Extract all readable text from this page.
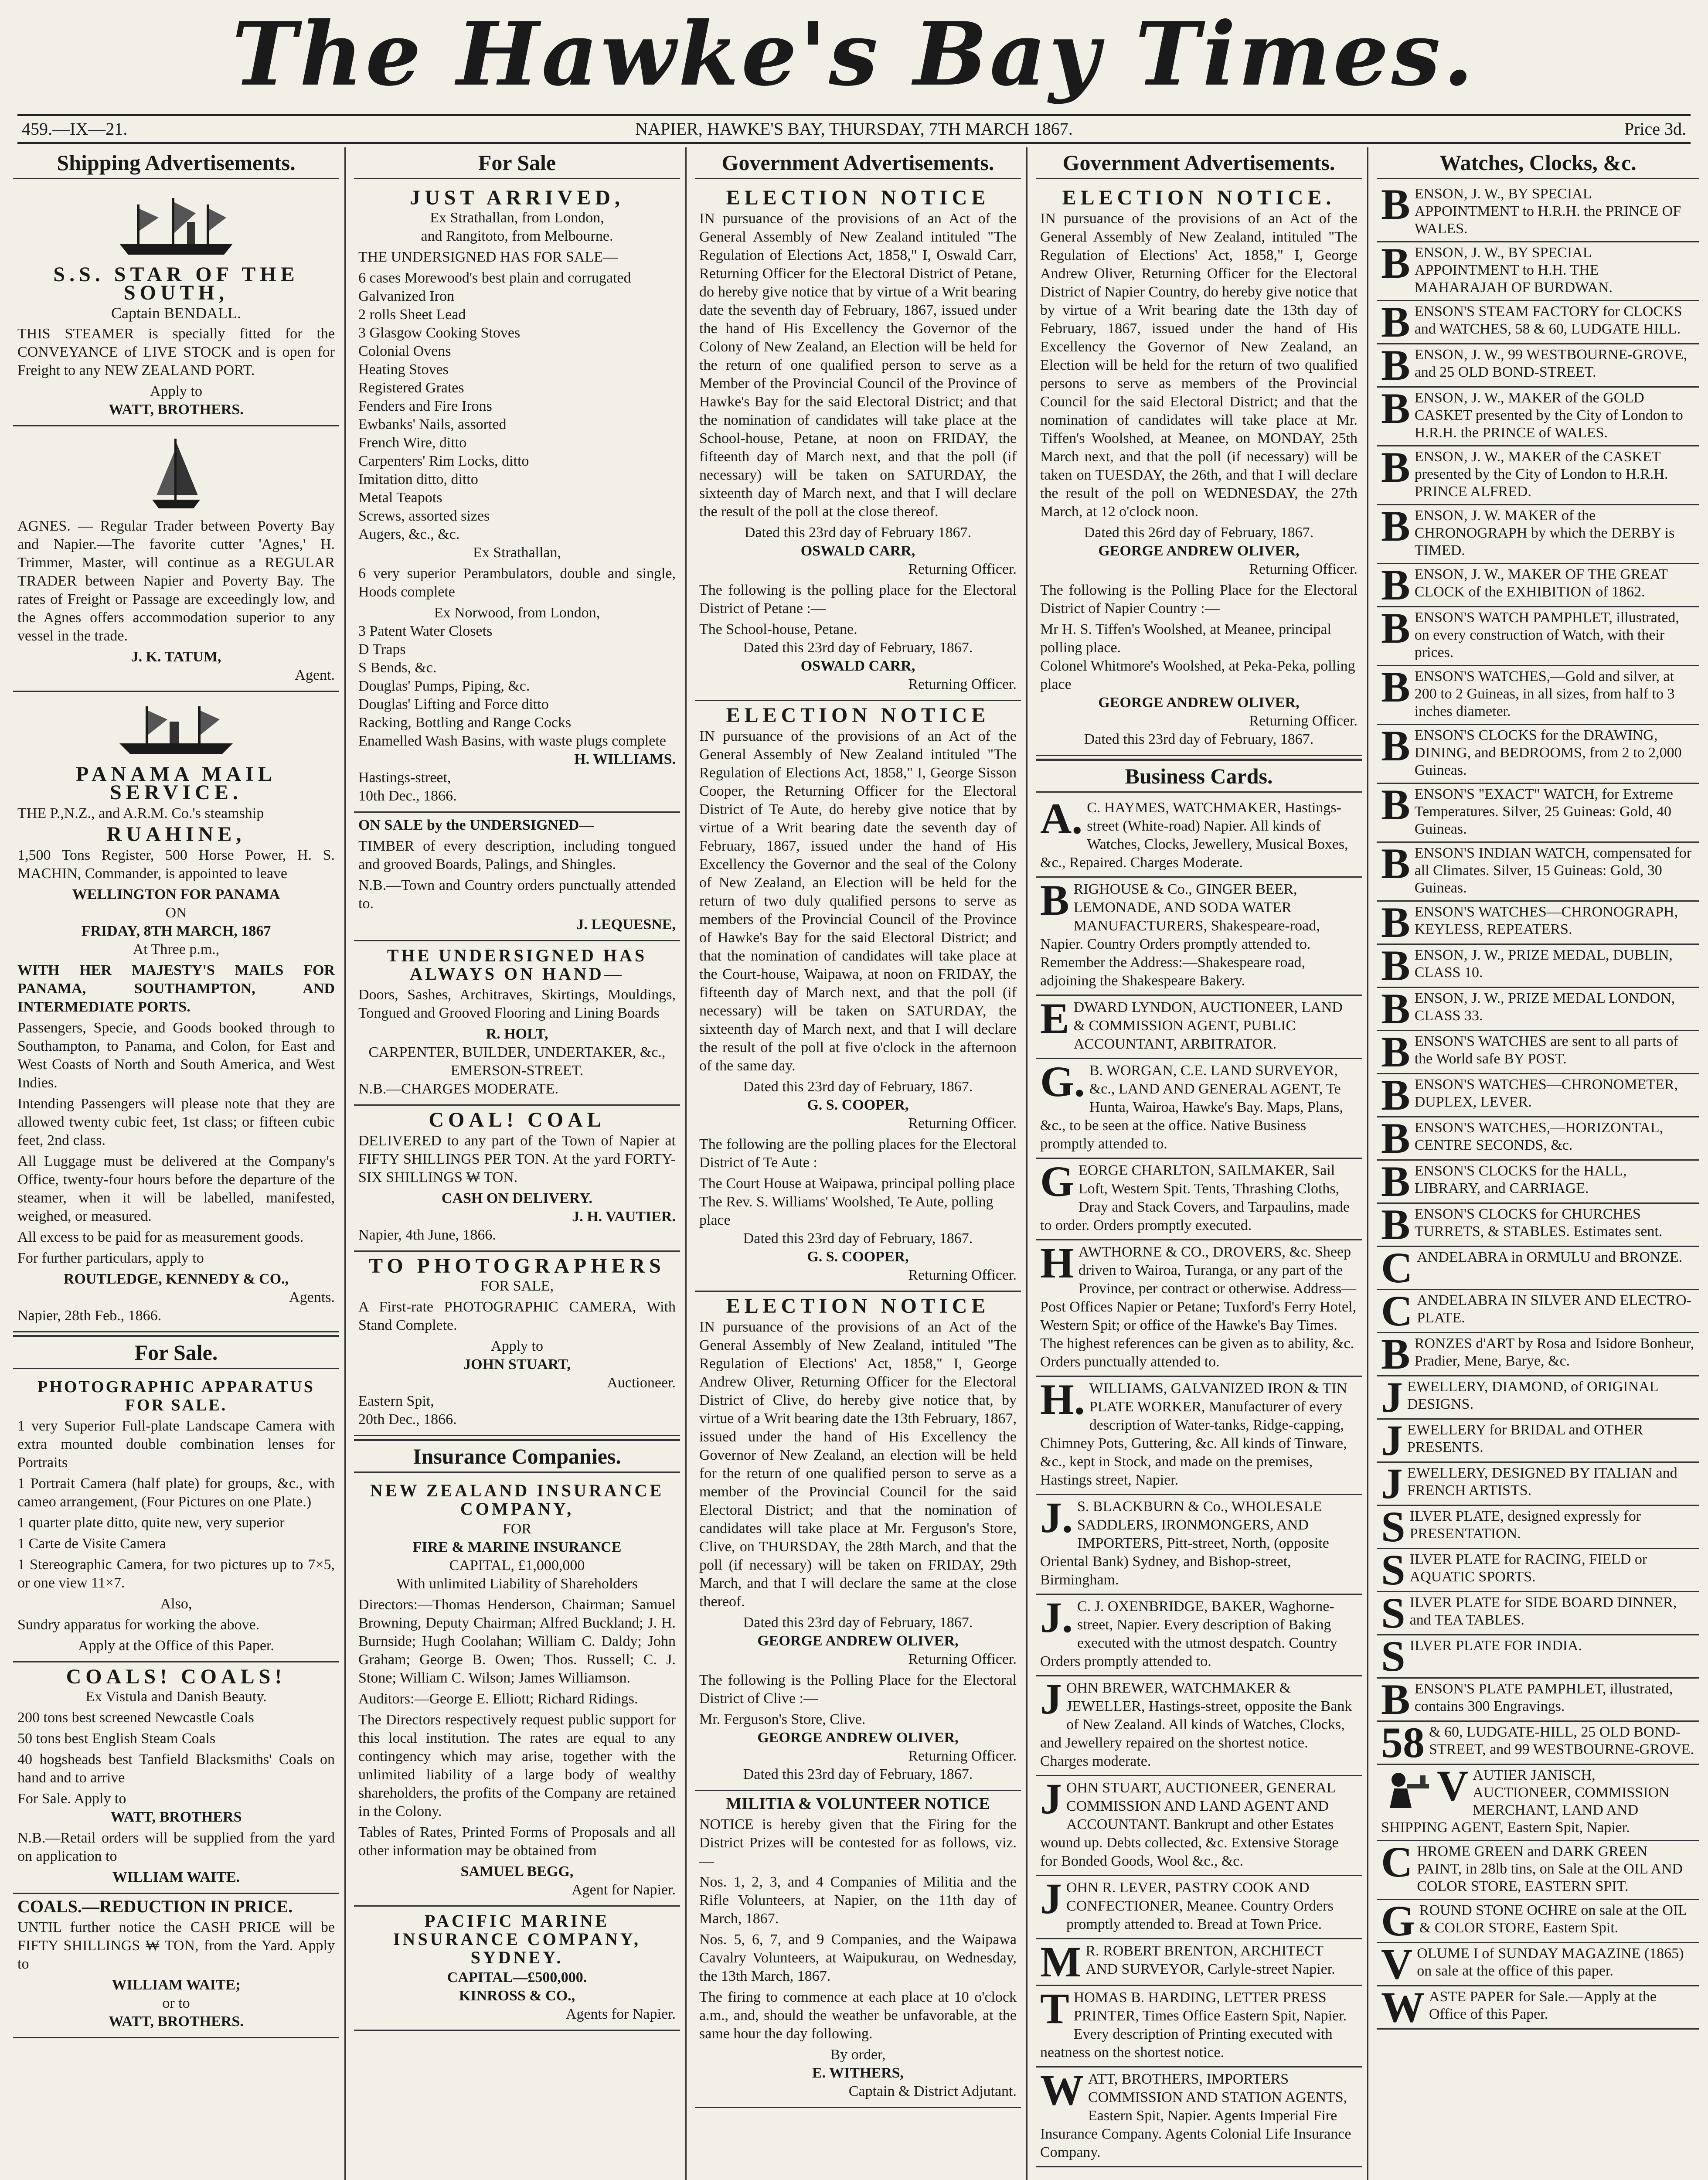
The Hawke's Bay Times.
459.—IX—21.	NAPIER, HAWKE'S BAY, THURSDAY, 7TH MARCH 1867.	Price 3d.
Shipping Advertisements.
S.S. STAR OF THE SOUTH,
Captain BENDALL.

THIS STEAMER is specially fitted for the CONVEYANCE of LIVE STOCK and is open for Freight to any NEW ZEALAND PORT.

Apply to
WATT, BROTHERS.

AGNES. — Regular Trader between Poverty Bay and Napier.—The favorite cutter 'Agnes,' H. Trimmer, Master, will continue as a REGULAR TRADER between Napier and Poverty Bay. The rates of Freight or Passage are exceedingly low, and the Agnes offers accommodation superior to any vessel in the trade.

J. K. TATUM,
Agent.
PANAMA MAIL SERVICE.

THE P.,N.Z., and A.R.M. Co.'s steamship

RUAHINE,

1,500 Tons Register, 500 Horse Power, H. S. MACHIN, Commander, is appointed to leave

WELLINGTON FOR PANAMA
ON
FRIDAY, 8TH MARCH, 1867
At Three p.m.,

WITH HER MAJESTY'S MAILS FOR PANAMA, SOUTHAMPTON, AND INTERMEDIATE PORTS.

Passengers, Specie, and Goods booked through to Southampton, to Panama, and Colon, for East and West Coasts of North and South America, and West Indies.

Intending Passengers will please note that they are allowed twenty cubic feet, 1st class; or fifteen cubic feet, 2nd class.

All Luggage must be delivered at the Company's Office, twenty-four hours before the departure of the steamer, when it will be labelled, manifested, weighed, or measured.

All excess to be paid for as measurement goods.

For further particulars, apply to

ROUTLEDGE, KENNEDY & CO.,
Agents.
Napier, 28th Feb., 1866.
For Sale.
PHOTOGRAPHIC APPARATUS FOR SALE.

1 very Superior Full-plate Landscape Camera with extra mounted double combination lenses for Portraits

1 Portrait Camera (half plate) for groups, &c., with cameo arrangement, (Four Pictures on one Plate.)

1 quarter plate ditto, quite new, very superior

1 Carte de Visite Camera

1 Stereographic Camera, for two pictures up to 7×5, or one view 11×7.

Also,

Sundry apparatus for working the above.

Apply at the Office of this Paper.
COALS! COALS!
Ex Vistula and Danish Beauty.

200 tons best screened Newcastle Coals

50 tons best English Steam Coals

40 hogsheads best Tanfield Blacksmiths' Coals on hand and to arrive

For Sale. Apply to
WATT, BROTHERS

N.B.—Retail orders will be supplied from the yard on application to

WILLIAM WAITE.
COALS.—REDUCTION IN PRICE.

UNTIL further notice the CASH PRICE will be FIFTY SHILLINGS ₩ TON, from the Yard. Apply to

WILLIAM WAITE;
or to
WATT, BROTHERS.
For Sale
JUST ARRIVED,
Ex Strathallan, from London,
and Rangitoto, from Melbourne.

THE UNDERSIGNED HAS FOR SALE—

6 cases Morewood's best plain and corrugated Galvanized Iron
2 rolls Sheet Lead
3 Glasgow Cooking Stoves
Colonial Ovens
Heating Stoves
Registered Grates
Fenders and Fire Irons
Ewbanks' Nails, assorted
French Wire, ditto
Carpenters' Rim Locks, ditto
Imitation ditto, ditto
Metal Teapots
Screws, assorted sizes
Augers, &c., &c.
Ex Strathallan,

6 very superior Perambulators, double and single, Hoods complete

Ex Norwood, from London,
3 Patent Water Closets
D Traps
S Bends, &c.
Douglas' Pumps, Piping, &c.
Douglas' Lifting and Force ditto
Racking, Bottling and Range Cocks
Enamelled Wash Basins, with waste plugs complete
H. WILLIAMS.
Hastings-street,
10th Dec., 1866.
ON SALE by the UNDERSIGNED—

TIMBER of every description, including tongued and grooved Boards, Palings, and Shingles.

N.B.—Town and Country orders punctually attended to.

J. LEQUESNE,
THE UNDERSIGNED HAS ALWAYS ON HAND—

Doors, Sashes, Architraves, Skirtings, Mouldings, Tongued and Grooved Flooring and Lining Boards

R. HOLT,
CARPENTER, BUILDER, UNDERTAKER, &c.,
EMERSON-STREET.
N.B.—CHARGES MODERATE.
COAL! COAL

DELIVERED to any part of the Town of Napier at FIFTY SHILLINGS PER TON. At the yard FORTY-SIX SHILLINGS ₩ TON.

CASH ON DELIVERY.
J. H. VAUTIER.
Napier, 4th June, 1866.
TO PHOTOGRAPHERS
FOR SALE,

A First-rate PHOTOGRAPHIC CAMERA, With Stand Complete.

Apply to
JOHN STUART,
Auctioneer.
Eastern Spit,
20th Dec., 1866.
Insurance Companies.
NEW ZEALAND INSURANCE COMPANY,
FOR
FIRE & MARINE INSURANCE
CAPITAL, £1,000,000
With unlimited Liability of Shareholders

Directors:—Thomas Henderson, Chairman; Samuel Browning, Deputy Chairman; Alfred Buckland; J. H. Burnside; Hugh Coolahan; William C. Daldy; John Graham; George B. Owen; Thos. Russell; C. J. Stone; William C. Wilson; James Williamson.

Auditors:—George E. Elliott; Richard Ridings.

The Directors respectively request public support for this local institution. The rates are equal to any contingency which may arise, together with the unlimited liability of a large body of wealthy shareholders, the profits of the Company are retained in the Colony.

Tables of Rates, Printed Forms of Proposals and all other information may be obtained from

SAMUEL BEGG,
Agent for Napier.
PACIFIC MARINE INSURANCE COMPANY, SYDNEY.
CAPITAL—£500,000.
KINROSS & CO.,
Agents for Napier.
Government Advertisements.
ELECTION NOTICE

IN pursuance of the provisions of an Act of the General Assembly of New Zealand intituled "The Regulation of Elections Act, 1858," I, Oswald Carr, Returning Officer for the Electoral District of Petane, do hereby give notice that by virtue of a Writ bearing date the seventh day of February, 1867, issued under the hand of His Excellency the Governor of the Colony of New Zealand, an Election will be held for the return of one qualified person to serve as a Member of the Provincial Council of the Province of Hawke's Bay for the said Electoral District; and that the nomination of candidates will take place at the School-house, Petane, at noon on FRIDAY, the fifteenth day of March next, and that the poll (if necessary) will be taken on SATURDAY, the sixteenth day of March next, and that I will declare the result of the poll at the close thereof.

Dated this 23rd day of February 1867.
OSWALD CARR,
Returning Officer.

The following is the polling place for the Electoral District of Petane :—

The School-house, Petane.
Dated this 23rd day of February, 1867.
OSWALD CARR,
Returning Officer.
ELECTION NOTICE

IN pursuance of the provisions of an Act of the General Assembly of New Zealand intituled "The Regulation of Elections Act, 1858," I, George Sisson Cooper, the Returning Officer for the Electoral District of Te Aute, do hereby give notice that by virtue of a Writ bearing date the seventh day of February, 1867, issued under the hand of His Excellency the Governor and the seal of the Colony of New Zealand, an Election will be held for the return of two duly qualified persons to serve as members of the Provincial Council of the Province of Hawke's Bay for the said Electoral District; and that the nomination of candidates will take place at the Court-house, Waipawa, at noon on FRIDAY, the fifteenth day of March next, and that the poll (if necessary) will be taken on SATURDAY, the sixteenth day of March next, and that I will declare the result of the poll at five o'clock in the afternoon of the same day.

Dated this 23rd day of February, 1867.
G. S. COOPER,
Returning Officer.

The following are the polling places for the Electoral District of Te Aute :

The Court House at Waipawa, principal polling place
The Rev. S. Williams' Woolshed, Te Aute, polling place
Dated this 23rd day of February, 1867.
G. S. COOPER,
Returning Officer.
ELECTION NOTICE

IN pursuance of the provisions of an Act of the General Assembly of New Zealand, intituled "The Regulation of Elections' Act, 1858," I, George Andrew Oliver, Returning Officer for the Electoral District of Clive, do hereby give notice that, by virtue of a Writ bearing date the 13th February, 1867, issued under the hand of His Excellency the Governor of New Zealand, an election will be held for the return of one qualified person to serve as a member of the Provincial Council for the said Electoral District; and that the nomination of candidates will take place at Mr. Ferguson's Store, Clive, on THURSDAY, the 28th March, and that the poll (if necessary) will be taken on FRIDAY, 29th March, and that I will declare the same at the close thereof.

Dated this 23rd day of February, 1867.
GEORGE ANDREW OLIVER,
Returning Officer.

The following is the Polling Place for the Electoral District of Clive :—

Mr. Ferguson's Store, Clive.
GEORGE ANDREW OLIVER,
Returning Officer.
Dated this 23rd day of February, 1867.
MILITIA & VOLUNTEER NOTICE

NOTICE is hereby given that the Firing for the District Prizes will be contested for as follows, viz.—

Nos. 1, 2, 3, and 4 Companies of Militia and the Rifle Volunteers, at Napier, on the 11th day of March, 1867.

Nos. 5, 6, 7, and 9 Companies, and the Waipawa Cavalry Volunteers, at Waipukurau, on Wednesday, the 13th March, 1867.

The firing to commence at each place at 10 o'clock a.m., and, should the weather be unfavorable, at the same hour the day following.

By order,
E. WITHERS,
Captain & District Adjutant.
Government Advertisements.
ELECTION NOTICE.

IN pursuance of the provisions of an Act of the General Assembly of New Zealand, intituled "The Regulation of Elections' Act, 1858," I, George Andrew Oliver, Returning Officer for the Electoral District of Napier Country, do hereby give notice that by virtue of a Writ bearing date the 13th day of February, 1867, issued under the hand of His Excellency the Governor of New Zealand, an Election will be held for the return of two qualified persons to serve as members of the Provincial Council for the said Electoral District; and that the nomination of candidates will take place at Mr. Tiffen's Woolshed, at Meanee, on MONDAY, 25th March next, and that the poll (if necessary) will be taken on TUESDAY, the 26th, and that I will declare the result of the poll on WEDNESDAY, the 27th March, at 12 o'clock noon.

Dated this 26rd day of February, 1867.
GEORGE ANDREW OLIVER,
Returning Officer.

The following is the Polling Place for the Electoral District of Napier Country :—

Mr H. S. Tiffen's Woolshed, at Meanee, principal polling place.
Colonel Whitmore's Woolshed, at Peka-Peka, polling place
GEORGE ANDREW OLIVER,
Returning Officer.
Dated this 23rd day of February, 1867.
Business Cards.
A. C. HAYMES, WATCHMAKER, Hastings-street (White-road) Napier. All kinds of Watches, Clocks, Jewellery, Musical Boxes, &c., Repaired. Charges Moderate.
BRIGHOUSE & Co., GINGER BEER, LEMONADE, AND SODA WATER MANUFACTURERS, Shakespeare-road, Napier. Country Orders promptly attended to. Remember the Address:—Shakespeare road, adjoining the Shakespeare Bakery.
EDWARD LYNDON, AUCTIONEER, LAND & COMMISSION AGENT, PUBLIC ACCOUNTANT, ARBITRATOR.
G. B. WORGAN, C.E. LAND SURVEYOR, &c., LAND AND GENERAL AGENT, Te Hunta, Wairoa, Hawke's Bay. Maps, Plans, &c., to be seen at the office. Native Business promptly attended to.
GEORGE CHARLTON, SAILMAKER, Sail Loft, Western Spit. Tents, Thrashing Cloths, Dray and Stack Covers, and Tarpaulins, made to order. Orders promptly executed.
HAWTHORNE & CO., DROVERS, &c. Sheep driven to Wairoa, Turanga, or any part of the Province, per contract or otherwise. Address—Post Offices Napier or Petane; Tuxford's Ferry Hotel, Western Spit; or office of the Hawke's Bay Times. The highest references can be given as to ability, &c. Orders punctually attended to.
H. WILLIAMS, GALVANIZED IRON & TIN PLATE WORKER, Manufacturer of every description of Water-tanks, Ridge-capping, Chimney Pots, Guttering, &c. All kinds of Tinware, &c., kept in Stock, and made on the premises, Hastings street, Napier.
J. S. BLACKBURN & Co., WHOLESALE SADDLERS, IRONMONGERS, AND IMPORTERS, Pitt-street, North, (opposite Oriental Bank) Sydney, and Bishop-street, Birmingham.
J. C. J. OXENBRIDGE, BAKER, Waghorne-street, Napier. Every description of Baking executed with the utmost despatch. Country Orders promptly attended to.
JOHN BREWER, WATCHMAKER & JEWELLER, Hastings-street, opposite the Bank of New Zealand. All kinds of Watches, Clocks, and Jewellery repaired on the shortest notice. Charges moderate.
JOHN STUART, AUCTIONEER, GENERAL COMMISSION AND LAND AGENT AND ACCOUNTANT. Bankrupt and other Estates wound up. Debts collected, &c. Extensive Storage for Bonded Goods, Wool &c., &c.
JOHN R. LEVER, PASTRY COOK AND CONFECTIONER, Meanee. Country Orders promptly attended to. Bread at Town Price.
M R. ROBERT BRENTON, ARCHITECT AND SURVEYOR, Carlyle-street Napier.
THOMAS B. HARDING, LETTER PRESS PRINTER, Times Office Eastern Spit, Napier. Every description of Printing executed with neatness on the shortest notice.
WATT, BROTHERS, IMPORTERS COMMISSION AND STATION AGENTS, Eastern Spit, Napier. Agents Imperial Fire Insurance Company. Agents Colonial Life Insurance Company.
Watches, Clocks, &c.
BENSON, J. W., BY SPECIAL APPOINTMENT to H.R.H. the PRINCE OF WALES.
BENSON, J. W., BY SPECIAL APPOINTMENT to H.H. THE MAHARAJAH OF BURDWAN.
BENSON'S STEAM FACTORY for CLOCKS and WATCHES, 58 & 60, LUDGATE HILL.
BENSON, J. W., 99 WESTBOURNE-GROVE, and 25 OLD BOND-STREET.
BENSON, J. W., MAKER of the GOLD CASKET presented by the City of London to H.R.H. the PRINCE of WALES.
BENSON, J. W., MAKER of the CASKET presented by the City of London to H.R.H. PRINCE ALFRED.
BENSON, J. W. MAKER of the CHRONOGRAPH by which the DERBY is TIMED.
BENSON, J. W., MAKER OF THE GREAT CLOCK of the EXHIBITION of 1862.
BENSON'S WATCH PAMPHLET, illustrated, on every construction of Watch, with their prices.
BENSON'S WATCHES,—Gold and silver, at 200 to 2 Guineas, in all sizes, from half to 3 inches diameter.
BENSON'S CLOCKS for the DRAWING, DINING, and BEDROOMS, from 2 to 2,000 Guineas.
BENSON'S "EXACT" WATCH, for Extreme Temperatures. Silver, 25 Guineas: Gold, 40 Guineas.
BENSON'S INDIAN WATCH, compensated for all Climates. Silver, 15 Guineas: Gold, 30 Guineas.
BENSON'S WATCHES—CHRONOGRAPH, KEYLESS, REPEATERS.
BENSON, J. W., PRIZE MEDAL, DUBLIN, CLASS 10.
BENSON, J. W., PRIZE MEDAL LONDON, CLASS 33.
BENSON'S WATCHES are sent to all parts of the World safe BY POST.
BENSON'S WATCHES—CHRONOMETER, DUPLEX, LEVER.
BENSON'S WATCHES,—HORIZONTAL, CENTRE SECONDS, &c.
BENSON'S CLOCKS for the HALL, LIBRARY, and CARRIAGE.
BENSON'S CLOCKS for CHURCHES TURRETS, & STABLES. Estimates sent.
CANDELABRA in ORMULU and BRONZE.
CANDELABRA IN SILVER AND ELECTRO-PLATE.
BRONZES d'ART by Rosa and Isidore Bonheur, Pradier, Mene, Barye, &c.
JEWELLERY, DIAMOND, of ORIGINAL DESIGNS.
JEWELLERY for BRIDAL and OTHER PRESENTS.
JEWELLERY, DESIGNED BY ITALIAN and FRENCH ARTISTS.
SILVER PLATE, designed expressly for PRESENTATION.
SILVER PLATE for RACING, FIELD or AQUATIC SPORTS.
SILVER PLATE for SIDE BOARD DINNER, and TEA TABLES.
SILVER PLATE FOR INDIA.
BENSON'S PLATE PAMPHLET, illustrated, contains 300 Engravings.
58 & 60, LUDGATE-HILL, 25 OLD BOND-STREET, and 99 WESTBOURNE-GROVE.
V AUTIER JANISCH, AUCTIONEER, COMMISSION MERCHANT, LAND AND SHIPPING AGENT, Eastern Spit, Napier.
C HROME GREEN and DARK GREEN PAINT, in 28lb tins, on Sale at the OIL AND COLOR STORE, EASTERN SPIT.
G ROUND STONE OCHRE on sale at the OIL & COLOR STORE, Eastern Spit.
V OLUME I of SUNDAY MAGAZINE (1865) on sale at the office of this paper.
W ASTE PAPER for Sale.—Apply at the Office of this Paper.
